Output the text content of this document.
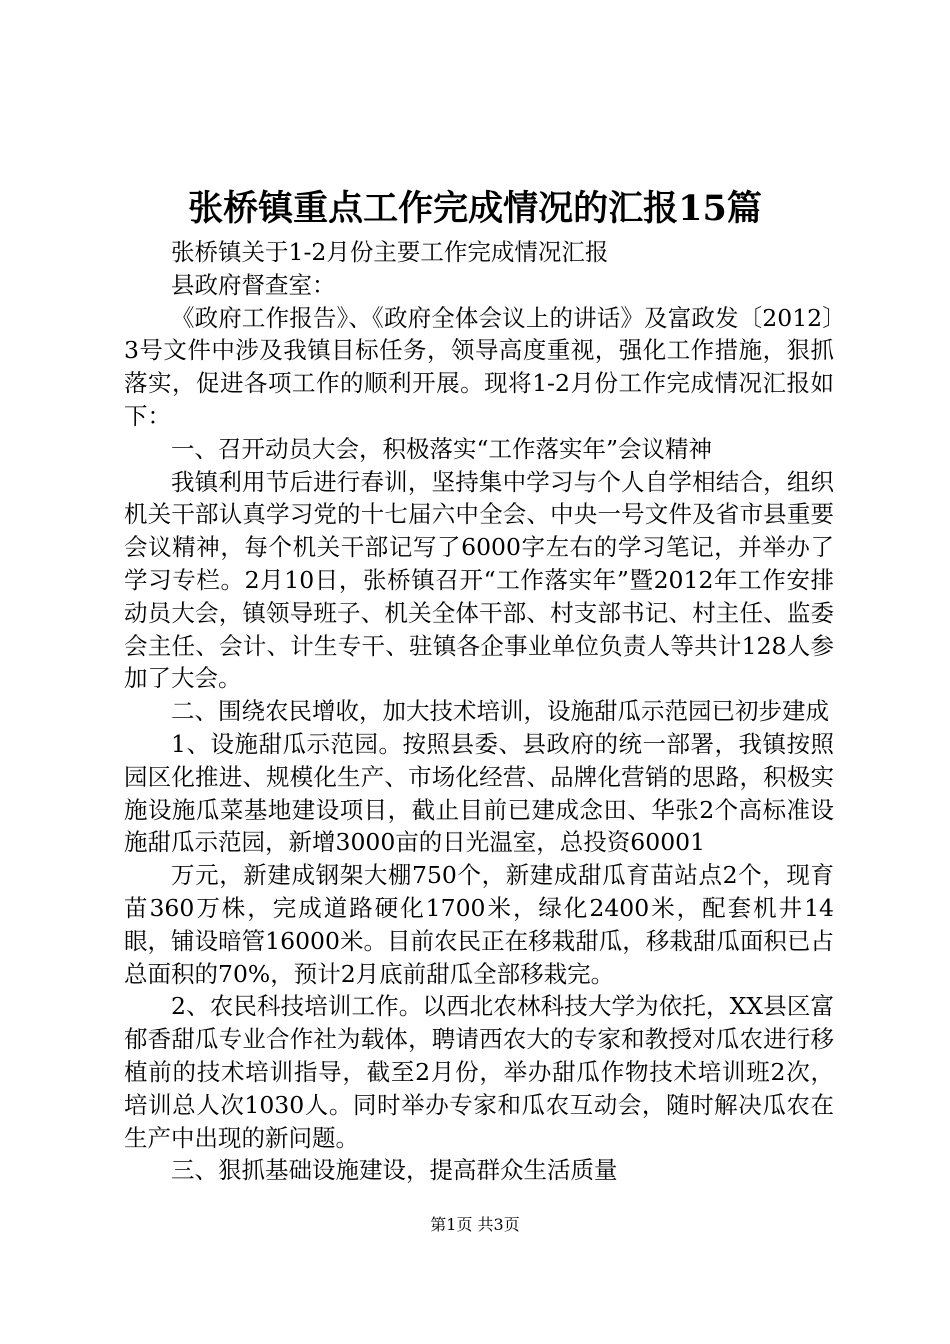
张桥镇重点工作完成情况的汇报15篇

张桥镇关于1-2月份主要工作完成情况汇报

县政府督查室：

《政府工作报告》、《政府全体会议上的讲话》及富政发〔2012〕3号文件中涉及我镇目标任务，领导高度重视，强化工作措施，狠抓落实，促进各项工作的顺利开展。现将1-2月份工作完成情况汇报如下：

一、召开动员大会，积极落实“工作落实年”会议精神

我镇利用节后进行春训，坚持集中学习与个人自学相结合，组织机关干部认真学习党的十七届六中全会、中央一号文件及省市县重要会议精神，每个机关干部记写了6000字左右的学习笔记，并举办了学习专栏。2月10日，张桥镇召开“工作落实年”暨2012年工作安排动员大会，镇领导班子、机关全体干部、村支部书记、村主任、监委会主任、会计、计生专干、驻镇各企事业单位负责人等共计128人参加了大会。

二、围绕农民增收，加大技术培训，设施甜瓜示范园已初步建成

1、设施甜瓜示范园。按照县委、县政府的统一部署，我镇按照园区化推进、规模化生产、市场化经营、品牌化营销的思路，积极实施设施瓜菜基地建设项目，截止目前已建成念田、华张2个高标准设施甜瓜示范园，新增3000亩的日光温室，总投资60001

万元，新建成钢架大棚750个，新建成甜瓜育苗站点2个，现育苗360万株，完成道路硬化1700米，绿化2400米，配套机井14眼，铺设暗管16000米。目前农民正在移栽甜瓜，移栽甜瓜面积已占总面积的70%，预计2月底前甜瓜全部移栽完。

2、农民科技培训工作。以西北农林科技大学为依托，XX县区富郁香甜瓜专业合作社为载体，聘请西农大的专家和教授对瓜农进行移植前的技术培训指导，截至2月份，举办甜瓜作物技术培训班2次，培训总人次1030人。同时举办专家和瓜农互动会，随时解决瓜农在生产中出现的新问题。

三、狠抓基础设施建设，提高群众生活质量

第1页 共3页
